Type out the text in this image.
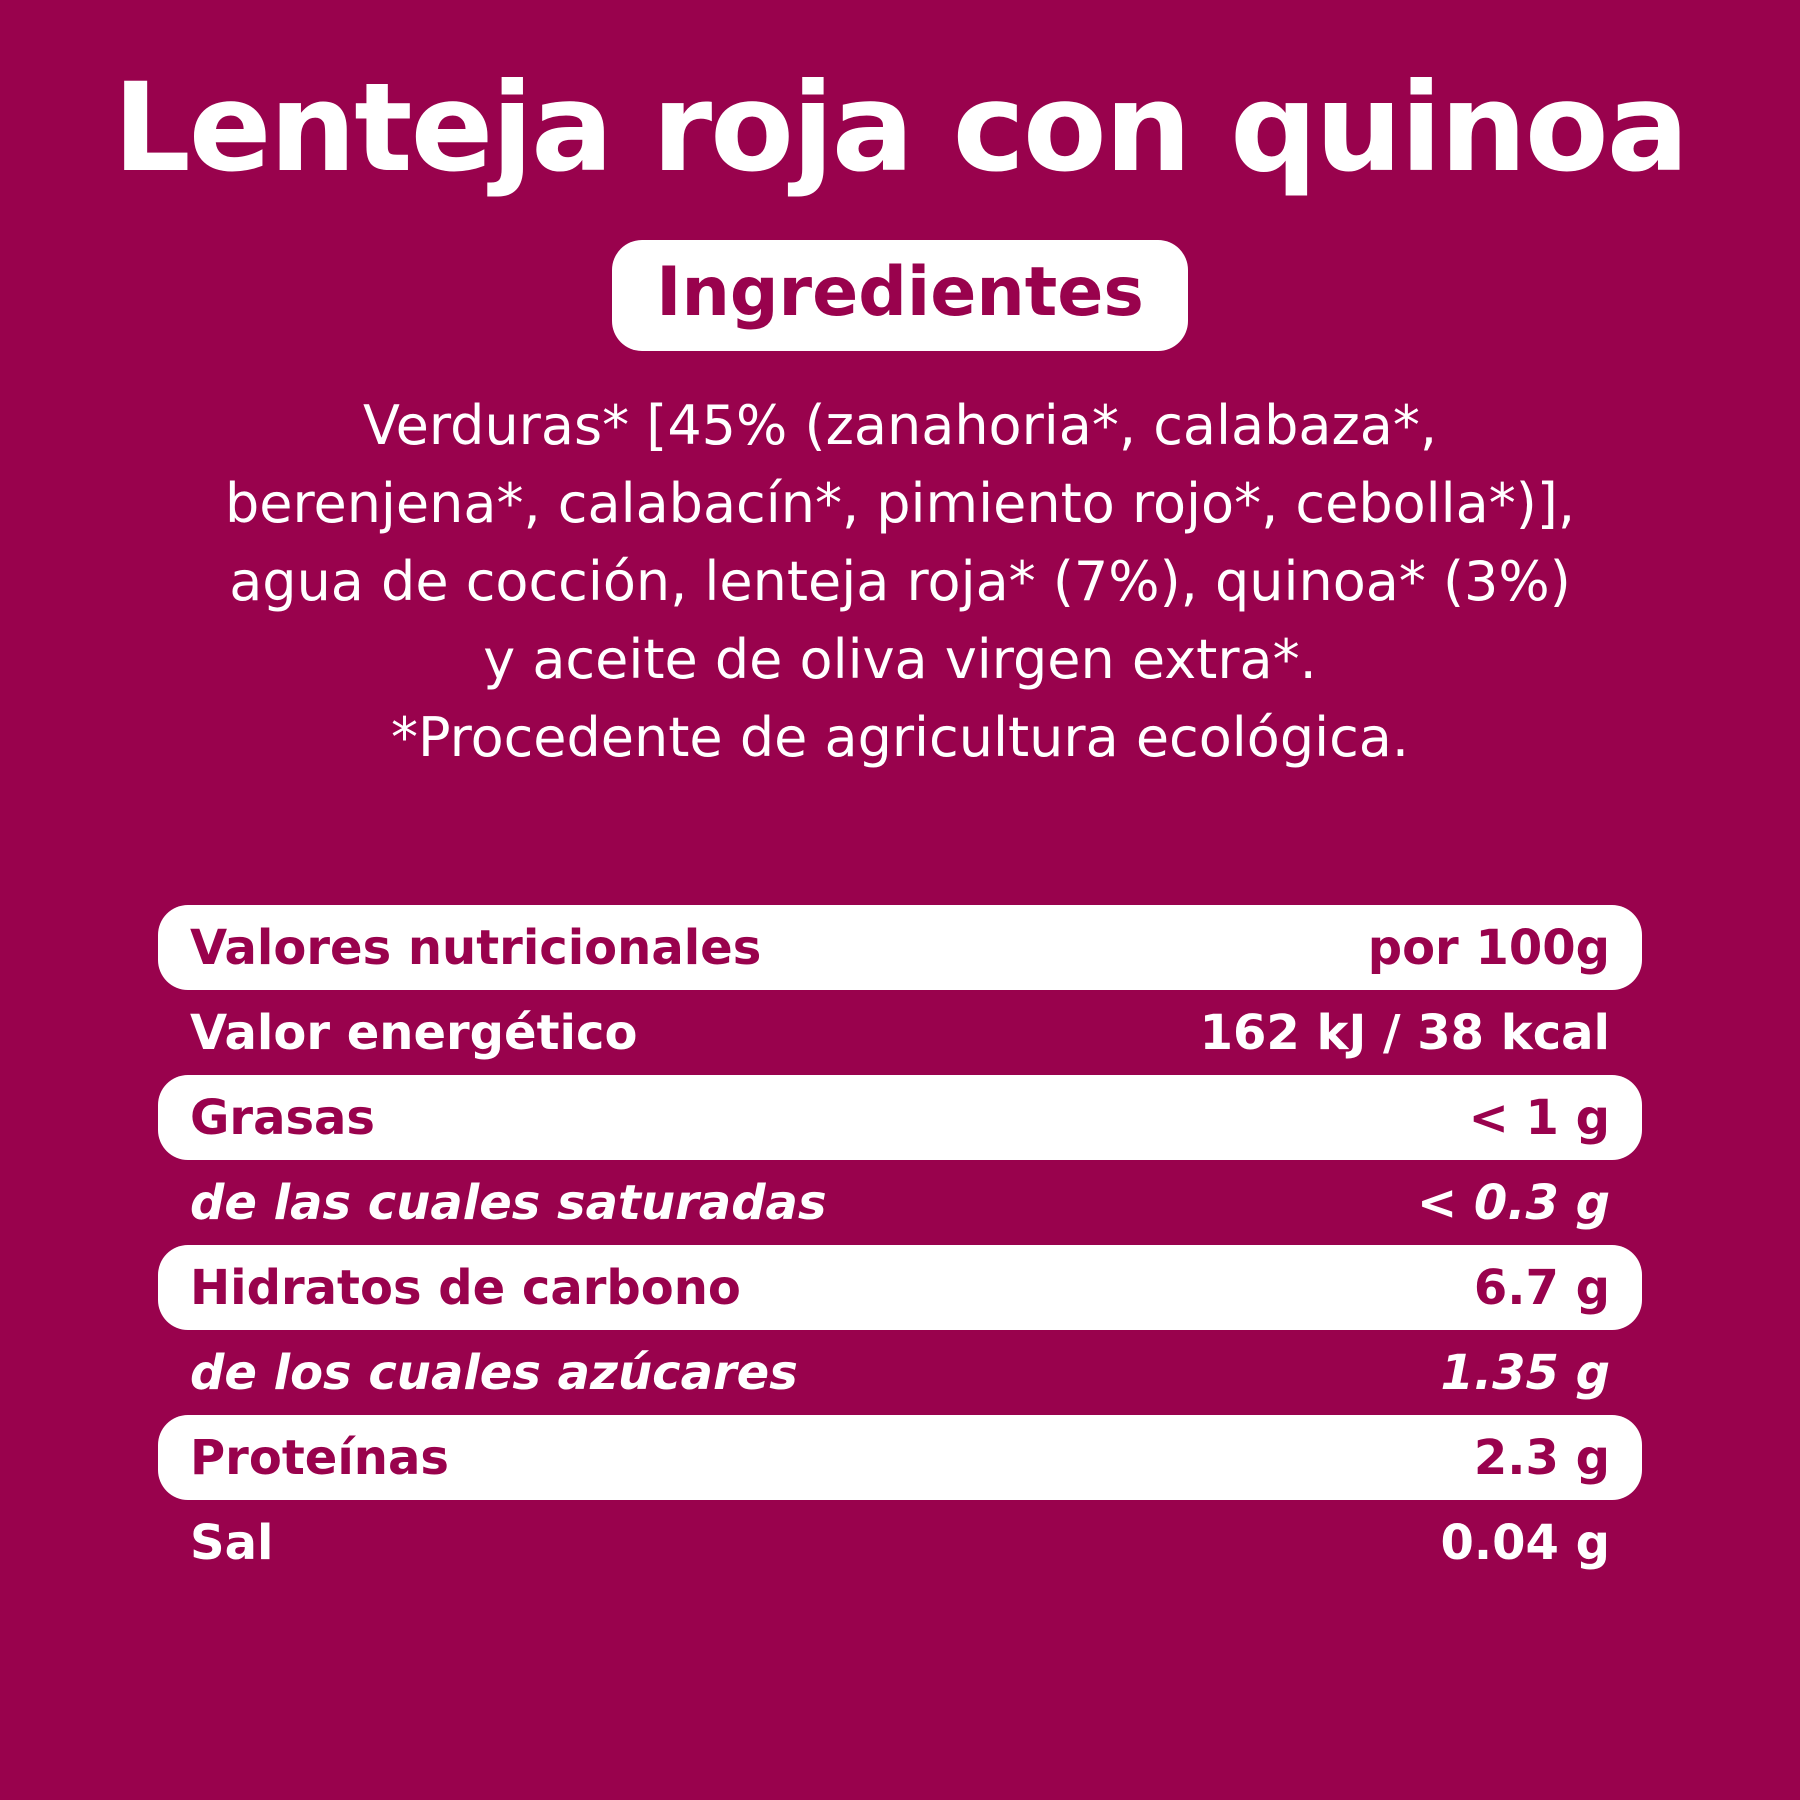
Lenteja roja con quinoa
Ingredientes
Verduras* [45% (zanahoria*, calabaza*,
berenjena*, calabacín*, pimiento rojo*, cebolla*)],
agua de cocción, lenteja roja* (7%), quinoa* (3%)
y aceite de oliva virgen extra*.
*Procedente de agricultura ecológica.
Valores nutricionales	por 100g
Valor energético	162 kJ / 38 kcal
Grasas	< 1 g
de las cuales saturadas	< 0.3 g
Hidratos de carbono	6.7 g
de los cuales azúcares	1.35 g
Proteínas	2.3 g
Sal	0.04 g
